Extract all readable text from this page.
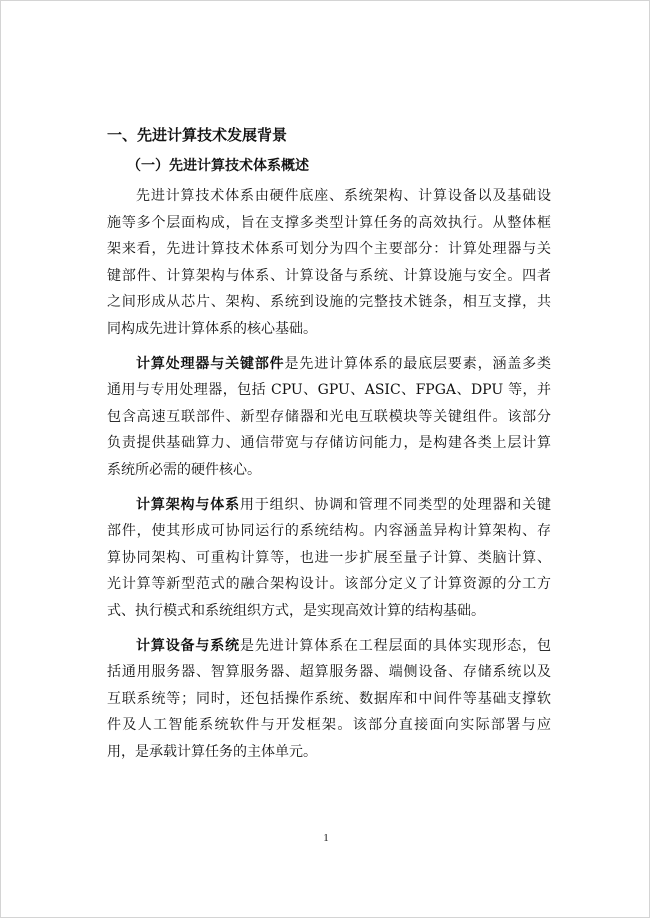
一、先进计算技术发展背景
（一）先进计算技术体系概述
先进计算技术体系由硬件底座、系统架构、计算设备以及基础设
施等多个层面构成，旨在支撑多类型计算任务的高效执行。从整体框
架来看，先进计算技术体系可划分为四个主要部分：计算处理器与关
键部件、计算架构与体系、计算设备与系统、计算设施与安全。四者
之间形成从芯片、架构、系统到设施的完整技术链条，相互支撑，共
同构成先进计算体系的核心基础。
计算处理器与关键部件是先进计算体系的最底层要素，涵盖多类
通用与专用处理器，包括 CPU、GPU、ASIC、FPGA、DPU 等，并
包含高速互联部件、新型存储器和光电互联模块等关键组件。该部分
负责提供基础算力、通信带宽与存储访问能力，是构建各类上层计算
系统所必需的硬件核心。
计算架构与体系用于组织、协调和管理不同类型的处理器和关键
部件，使其形成可协同运行的系统结构。内容涵盖异构计算架构、存
算协同架构、可重构计算等，也进一步扩展至量子计算、类脑计算、
光计算等新型范式的融合架构设计。该部分定义了计算资源的分工方
式、执行模式和系统组织方式，是实现高效计算的结构基础。
计算设备与系统是先进计算体系在工程层面的具体实现形态，包
括通用服务器、智算服务器、超算服务器、端侧设备、存储系统以及
互联系统等；同时，还包括操作系统、数据库和中间件等基础支撑软
件及人工智能系统软件与开发框架。该部分直接面向实际部署与应
用，是承载计算任务的主体单元。
1
